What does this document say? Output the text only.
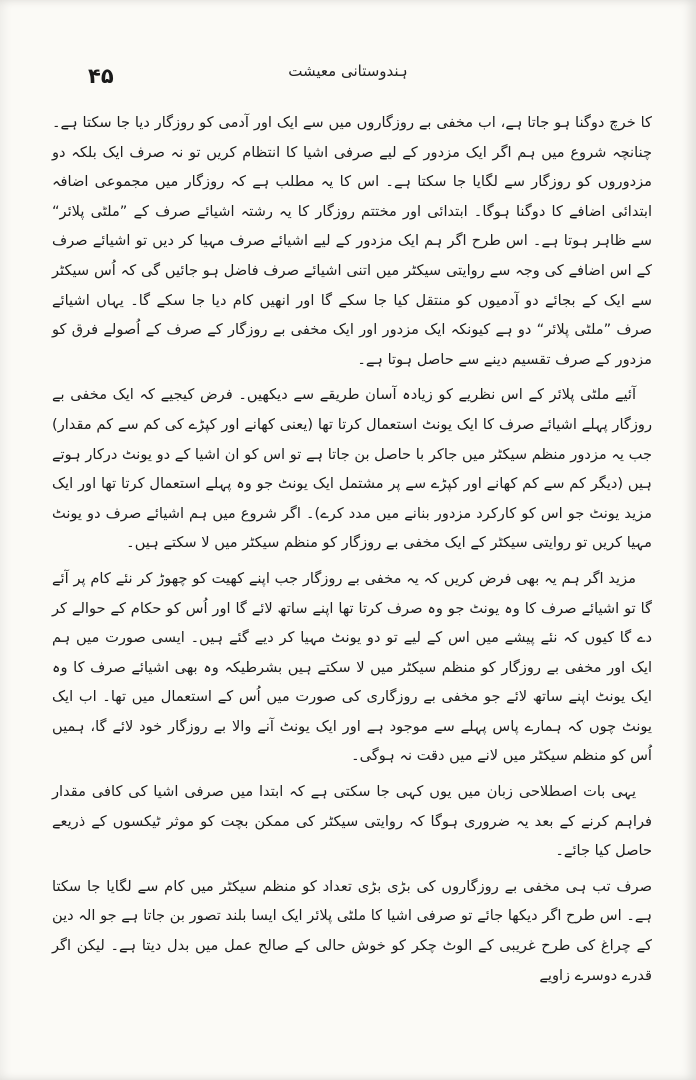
۴۵	ہندوستانی معیشت

کا خرچ دوگنا ہو جاتا ہے، اب مخفی بے روزگاروں میں سے ایک اور آدمی کو روزگار دیا جا سکتا ہے۔ چنانچہ شروع میں ہم اگر ایک مزدور کے لیے صرفی اشیا کا انتظام کریں تو نہ صرف ایک بلکہ دو مزدوروں کو روزگار سے لگایا جا سکتا ہے۔ اس کا یہ مطلب ہے کہ روزگار میں مجموعی اضافہ ابتدائی اضافے کا دوگنا ہوگا۔ ابتدائی اور مختتم روزگار کا یہ رشتہ اشیائے صرف کے ”ملٹی پلائر“ سے ظاہر ہوتا ہے۔ اس طرح اگر ہم ایک مزدور کے لیے اشیائے صرف مہیا کر دیں تو اشیائے صرف کے اس اضافے کی وجہ سے روایتی سیکٹر میں اتنی اشیائے صرف فاضل ہو جائیں گی کہ اُس سیکٹر سے ایک کے بجائے دو آدمیوں کو منتقل کیا جا سکے گا اور انھیں کام دیا جا سکے گا۔ یہاں اشیائے صرف ”ملٹی پلائر“ دو ہے کیونکہ ایک مزدور اور ایک مخفی بے روزگار کے صرف کے اُصولے فرق کو مزدور کے صرف تقسیم دینے سے حاصل ہوتا ہے۔

آئیے ملٹی پلائر کے اس نظریے کو زیادہ آسان طریقے سے دیکھیں۔ فرض کیجیے کہ ایک مخفی بے روزگار پہلے اشیائے صرف کا ایک یونٹ استعمال کرتا تھا (یعنی کھانے اور کپڑے کی کم سے کم مقدار) جب یہ مزدور منظم سیکٹر میں جاکر با حاصل بن جاتا ہے تو اس کو ان اشیا کے دو یونٹ درکار ہوتے ہیں (دیگر کم سے کم کھانے اور کپڑے سے پر مشتمل ایک یونٹ جو وہ پہلے استعمال کرتا تھا اور ایک مزید یونٹ جو اس کو کارکرد مزدور بنانے میں مدد کرے)۔ اگر شروع میں ہم اشیائے صرف دو یونٹ مہیا کریں تو روایتی سیکٹر کے ایک مخفی بے روزگار کو منظم سیکٹر میں لا سکتے ہیں۔

مزید اگر ہم یہ بھی فرض کریں کہ یہ مخفی بے روزگار جب اپنے کھیت کو چھوڑ کر نئے کام پر آئے گا تو اشیائے صرف کا وہ یونٹ جو وہ صرف کرتا تھا اپنے ساتھ لائے گا اور اُس کو حکام کے حوالے کر دے گا کیوں کہ نئے پیشے میں اس کے لیے تو دو یونٹ مہیا کر دیے گئے ہیں۔ ایسی صورت میں ہم ایک اور مخفی بے روزگار کو منظم سیکٹر میں لا سکتے ہیں بشرطیکہ وہ بھی اشیائے صرف کا وہ ایک یونٹ اپنے ساتھ لائے جو مخفی بے روزگاری کی صورت میں اُس کے استعمال میں تھا۔ اب ایک یونٹ چوں کہ ہمارے پاس پہلے سے موجود ہے اور ایک یونٹ آنے والا بے روزگار خود لائے گا، ہمیں اُس کو منظم سیکٹر میں لانے میں دقت نہ ہوگی۔

یہی بات اصطلاحی زبان میں یوں کہی جا سکتی ہے کہ ابتدا میں صرفی اشیا کی کافی مقدار فراہم کرنے کے بعد یہ ضروری ہوگا کہ روایتی سیکٹر کی ممکن بچت کو موثر ٹیکسوں کے ذریعے حاصل کیا جائے۔

صرف تب ہی مخفی بے روزگاروں کی بڑی بڑی تعداد کو منظم سیکٹر میں کام سے لگایا جا سکتا ہے۔ اس طرح اگر دیکھا جائے تو صرفی اشیا کا ملٹی پلائر ایک ایسا بلند تصور بن جاتا ہے جو الہ دین کے چراغ کی طرح غریبی کے الوٹ چکر کو خوش حالی کے صالح عمل میں بدل دیتا ہے۔ لیکن اگر قدرے دوسرے زاویے
